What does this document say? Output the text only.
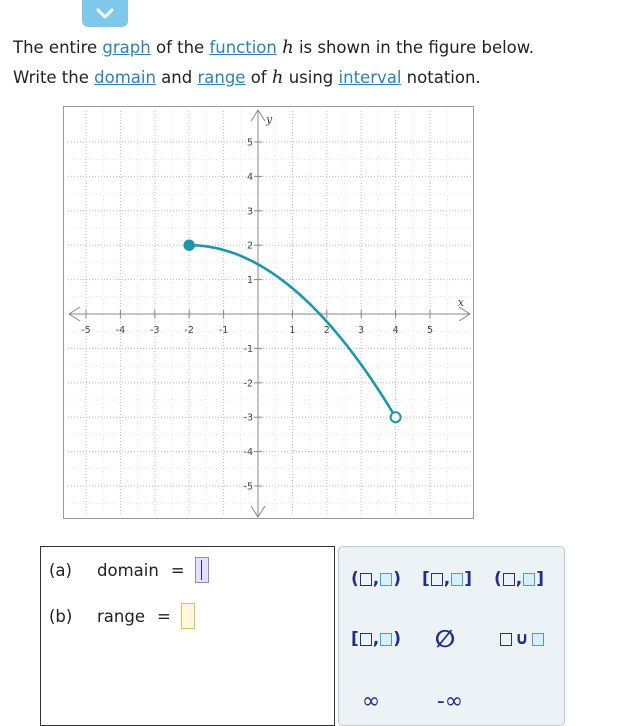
The entire graph of the function h is shown in the figure below.
Write the domain and range of h using interval notation.
-5	-4	-3	-2	-1	1	2	3	4	5
5
4
3
2
1
-1
-2
-3
-4
-5
x
y
(a)	domain =
(b)	range =
( , ) [ , ] ( , ]
[ , ) ∅	∪
∞	-∞
